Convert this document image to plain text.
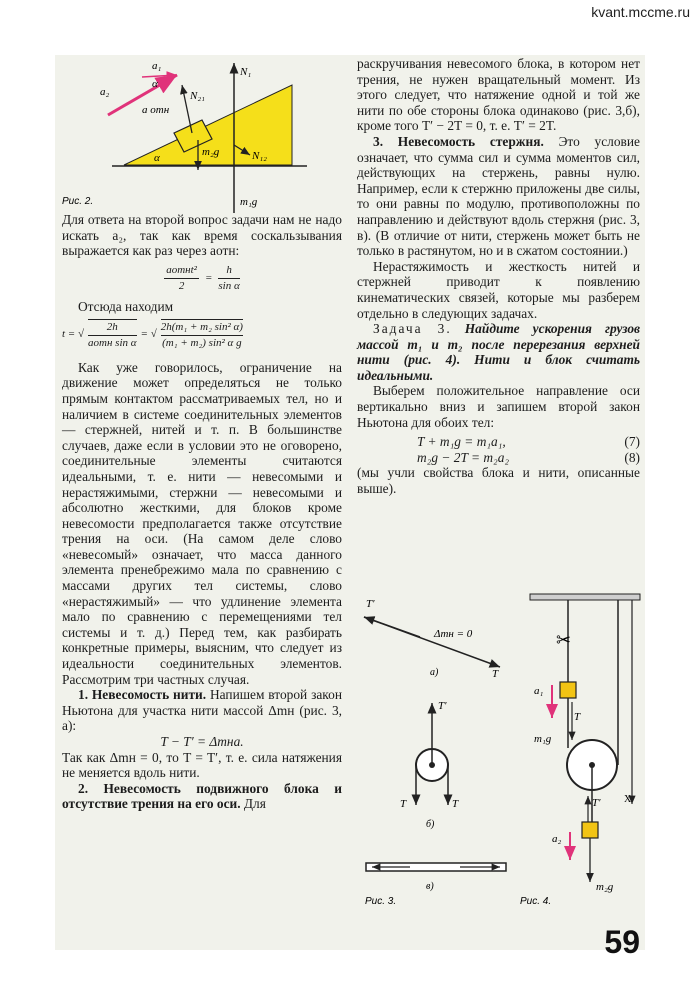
kvant.mccme.ru
a₁
a₂
α
a отн
N₁
N₂₁
m₂g	N₁₂
α
m₁g
Рис. 2.

Для ответа на второй вопрос задачи нам не надо искать a₂, так как время соскальзывания выражается как раз через aотн:

aотнt²
2
= $\frac{h}{\text{sin α}}$

Отсюда находим

t = √
2h
aотн sin α
= √ $\frac{\text{2h(m₁ + m₂ sin² α)}}{\text{(m₁ + m₂) sin² α g}}$

Как уже говорилось, ограничение на движение может определяться не только прямым контактом рассматриваемых тел, но и наличием в системе соединительных элементов — стержней, нитей и т. п. В большинстве случаев, даже если в условии это не оговорено, соединительные элементы считаются идеальными, т. е. нити — невесомыми и нерастяжимыми, стержни — невесомыми и абсолютно жесткими, для блоков кроме невесомости предполагается также отсутствие трения на оси. (На самом деле слово «невесомый» означает, что масса данного элемента пренебрежимо мала по сравнению с массами других тел системы, слово «нерастяжимый» — что удлинение элемента мало по сравнению с перемещениями тел системы и т. д.) Перед тем, как разбирать конкретные примеры, выясним, что следует из идеальности соединительных элементов. Рассмотрим три частных случая.

1. Невесомость нити. Напишем второй закон Ньютона для участка нити массой Δmн (рис. 3, а):

T − T′ = Δmнa.

Так как Δmн = 0, то T = T′, т. е. сила натяжения не меняется вдоль нити.

2. Невесомость подвижного блока и отсутствие трения на его оси. Для

раскручивания невесомого блока, в котором нет трения, не нужен вращательный момент. Из этого следует, что натяжение одной и той же нити по обе стороны блока одинаково (рис. 3,б), кроме того T′ − 2T = 0, т. е. T′ = 2T.

3. Невесомость стержня. Это условие означает, что сумма сил и сумма моментов сил, действующих на стержень, равны нулю. Например, если к стержню приложены две силы, то они равны по модулю, противоположны по направлению и действуют вдоль стержня (рис. 3, в). (В отличие от нити, стержень может быть не только в растянутом, но и в сжатом состоянии.)

Нерастяжимость и жесткость нитей и стержней приводит к появлению кинематических связей, которые мы разберем отдельно в следующих задачах.

Задача 3. Найдите ускорения грузов массой m₁ и m₂ после перерезания верхней нити (рис. 4). Нити и блок считать идеальными.

Выберем положительное направление оси вертикально вниз и запишем второй закон Ньютона для обоих тел:

T + m₁g = m₁a₁,	(7)
m₂g − 2T = m₂a₂	(8)

(мы учли свойства блока и нити, описанные выше).

T′
T
Δmн = 0
а)
T′
T	T
б)
в)
Рис. 3.
✂
a₁
T
m₁g
T′
a₂
m₂g
X
Рис. 4.
59
